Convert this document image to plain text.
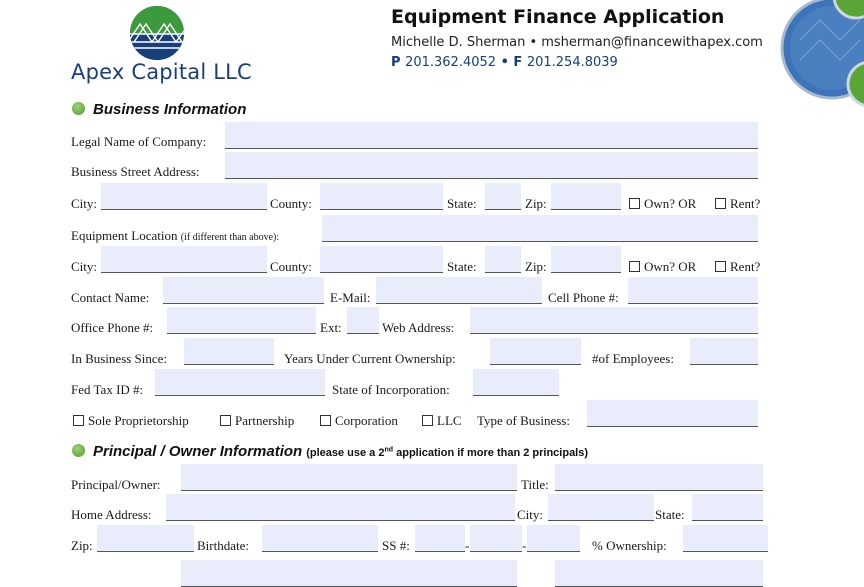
Apex Capital LLC
Equipment Finance Application
Michelle D. Sherman • msherman@financewithapex.com
P 201.362.4052 • F 201.254.8039
Business Information
Legal Name of Company:
Business Street Address:
City:	County:	State:	Zip:	Own? OR	Rent?
Equipment Location (if different than above):
City:	County:	State:	Zip:	Own? OR	Rent?
Contact Name:	E-Mail:	Cell Phone #:
Office Phone #:	Ext:	Web Address:
In Business Since:	Years Under Current Ownership:	#of Employees:
Fed Tax ID #:	State of Incorporation:
Sole Proprietorship	Partnership	Corporation	LLC Type of Business:
Principal / Owner Information (please use a 2nd application if more than 2 principals)
Principal/Owner:	Title:
Home Address:	City:	State:
Zip:	Birthdate:	SS #:	-	-	% Ownership:
